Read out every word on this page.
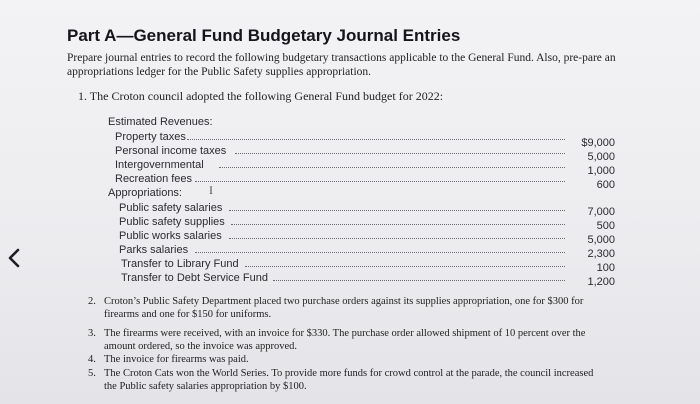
Part A—General Fund Budgetary Journal Entries

Prepare journal entries to record the following budgetary transactions applicable to the General Fund. Also, pre-pare an appropriations ledger for the Public Safety supplies appropriation.

1. The Croton council adopted the following General Fund budget for 2022:

Estimated Revenues:
Property taxes	$9,000
Personal income taxes	5,000
Intergovernmental	1,000
Recreation fees	600
Appropriations:
Public safety salaries	7,000
Public safety supplies	500
Public works salaries	5,000
Parks salaries	2,300
Transfer to Library Fund	100
Transfer to Debt Service Fund	1,200
I
2. Croton’s Public Safety Department placed two purchase orders against its supplies appropriation, one for $300 for firearms and one for $150 for uniforms.
3. The firearms were received, with an invoice for $330. The purchase order allowed shipment of 10 percent over the amount ordered, so the invoice was approved.
4. The invoice for firearms was paid.
5. The Croton Cats won the World Series. To provide more funds for crowd control at the parade, the council increased the Public safety salaries appropriation by $100.
